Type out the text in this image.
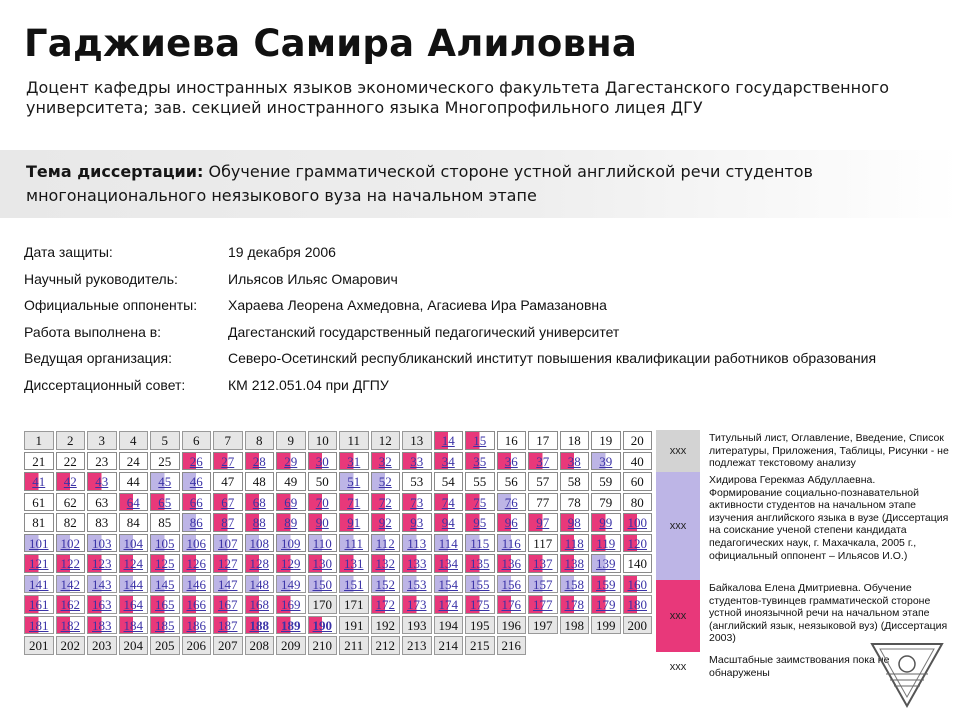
Гаджиева Самира Алиловна
Доцент кафедры иностранных языков экономического факультета Дагестанского государственного университета; зав. секцией иностранного языка Многопрофильного лицея ДГУ
Тема диссертации: Обучение грамматической стороне устной английской речи студентов многонационального неязыкового вуза на начальном этапе
Дата защиты:	19 декабря 2006
Научный руководитель:	Ильясов Ильяс Омарович
Официальные оппоненты: Хараева Леорена Ахмедовна, Агасиева Ира Рамазановна
Работа выполнена в:	Дагестанский государственный педагогический университет
Ведущая организация:	Северо-Осетинский республиканский институт повышения квалификации работников образования
Диссертационный совет:	КМ 212.051.04 при ДГПУ
1	2	3	4	5	6	7	8	9	10	11	12	13	14	15	16	17	18	19	20
21	22	23	24	25	26	27	28	29	30	31	32	33	34	35	36	37	38	39	40
41	42	43	44	45	46	47	48	49	50	51	52	53	54	55	56	57	58	59	60
61	62	63	64	65	66	67	68	69	70	71	72	73	74	75	76	77	78	79	80
81	82	83	84	85	86	87	88	89	90	91	92	93	94	95	96	97	98	99	100
101 102 103 104 105 106 107 108 109 110 111 112 113 114 115 116 117 118 119 120
121 122 123 124 125 126 127 128 129 130 131 132 133 134 135 136 137 138 139 140
141 142 143 144 145 146 147 148 149 150 151 152 153 154 155 156 157 158 159 160
161 162 163 164 165 166 167 168 169 170 171 172 173 174 175 176 177 178 179 180
181 182 183 184 185 186 187 188 189 190 191 192 193 194 195 196 197 198 199 200
201 202 203 204 205 206 207 208 209 210 211 212 213 214 215 216
xxx
Титульный лист, Оглавление, Введение, Список литературы, Приложения, Таблицы, Рисунки - не подлежат текстовому анализу
xxx
Хидирова Герекмаз Абдуллаевна. Формирование социально-познавательной активности студентов на начальном этапе изучения английского языка в вузе (Диссертация на соискание ученой степени кандидата педагогических наук, г. Махачкала, 2005 г., официальный оппонент – Ильясов И.О.)
xxx
Байкалова Елена Дмитриевна. Обучение студентов-тувинцев грамматической стороне устной иноязычной речи на начальном этапе (английский язык, неязыковой вуз) (Диссертация 2003)
xxx
Масштабные заимствования пока не обнаружены
